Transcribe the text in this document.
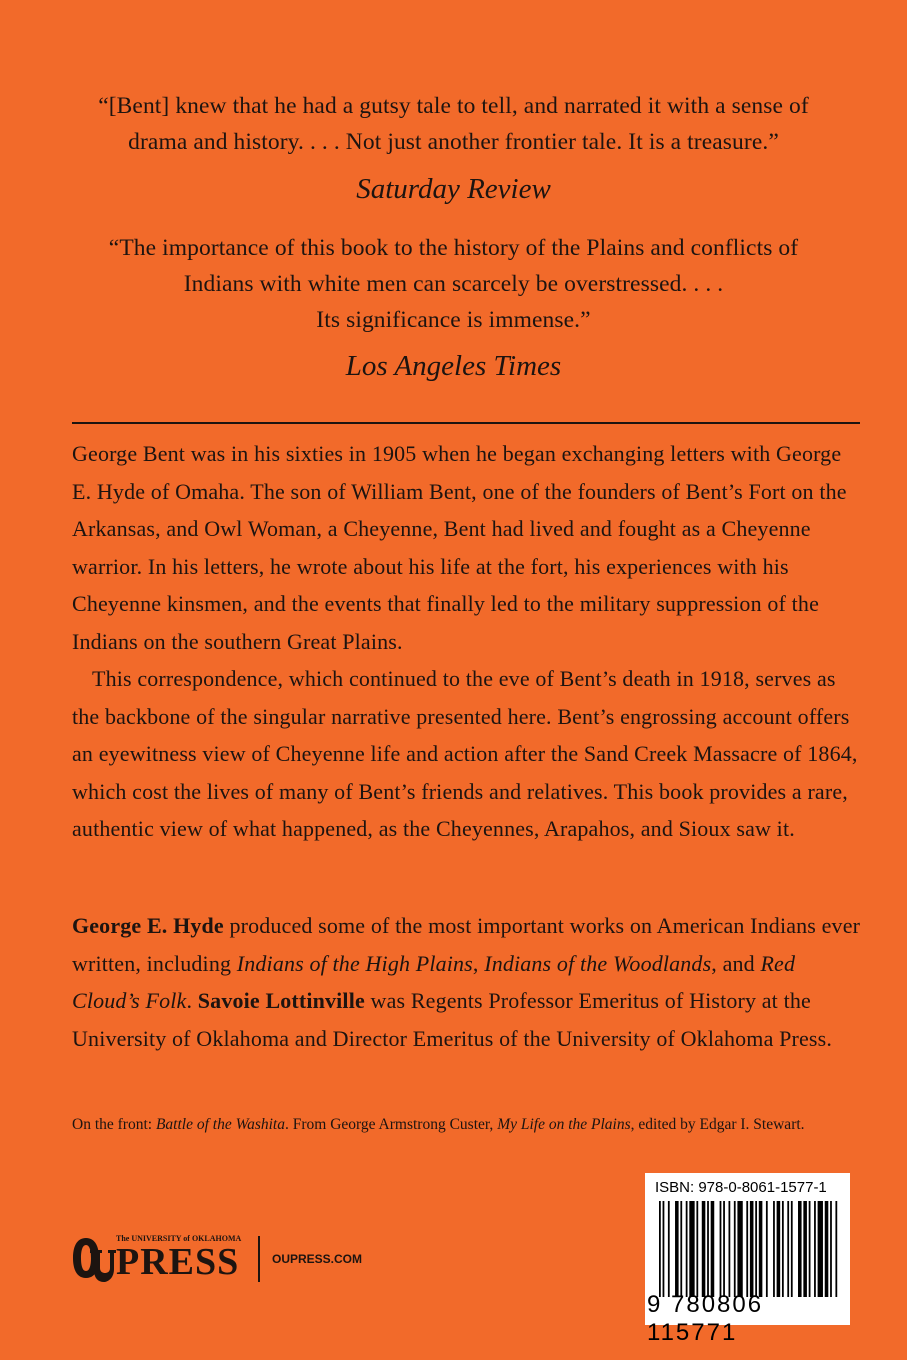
“[Bent] knew that he had a gutsy tale to tell, and narrated it with a sense of

drama and history. . . . Not just another frontier tale. It is a treasure.”

Saturday Review

“The importance of this book to the history of the Plains and conflicts of

Indians with white men can scarcely be overstressed. . . .

Its significance is immense.”

Los Angeles Times

George Bent was in his sixties in 1905 when he began exchanging letters with George E. Hyde of Omaha. The son of William Bent, one of the founders of Bent’s Fort on the Arkansas, and Owl Woman, a Cheyenne, Bent had lived and fought as a Cheyenne warrior. In his letters, he wrote about his life at the fort, his experiences with his Cheyenne kinsmen, and the events that finally led to the military suppression of the Indians on the southern Great Plains.

This correspondence, which continued to the eve of Bent’s death in 1918, serves as the backbone of the singular narrative presented here. Bent’s engrossing account offers an eyewitness view of Cheyenne life and action after the Sand Creek Massacre of 1864, which cost the lives of many of Bent’s friends and relatives. This book provides a rare, authentic view of what happened, as the Cheyennes, Arapahos, and Sioux saw it.

George E. Hyde produced some of the most important works on American Indians ever written, including Indians of the High Plains, Indians of the Woodlands, and Red Cloud’s Folk. Savoie Lottinville was Regents Professor Emeritus of History at the University of Oklahoma and Director Emeritus of the University of Oklahoma Press.

On the front: Battle of the Washita. From George Armstrong Custer, My Life on the Plains, edited by Edgar I. Stewart.

The UNIVERSITY of OKLAHOMA
PRESS	OUPRESS.COM
ISBN: 978-0-8061-1577-1
9 780806 115771
